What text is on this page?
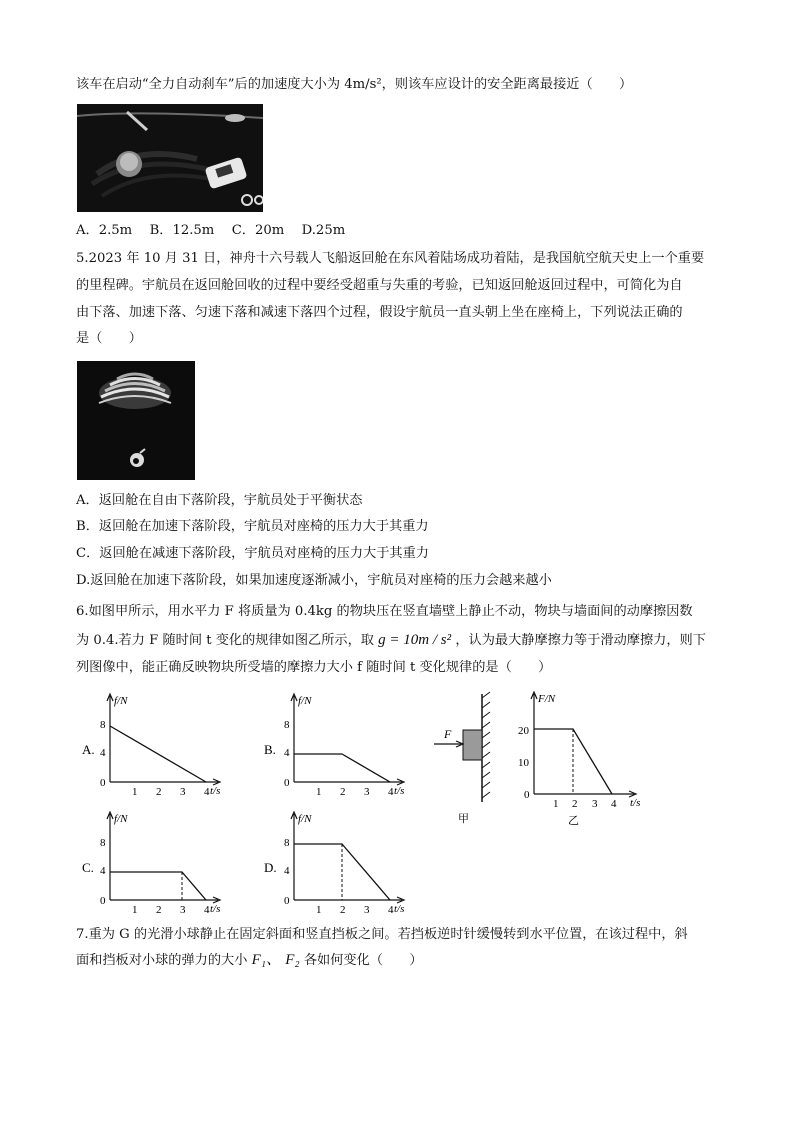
该车在启动“全力自动刹车”后的加速度大小为 4m/s²，则该车应设计的安全距离最接近（　　）
A．2.5m　 B．12.5m　 C．20m　 D.25m
5.2023 年 10 月 31 日，神舟十六号载人飞船返回舱在东风着陆场成功着陆，是我国航空航天史上一个重要
的里程碑。宇航员在返回舱回收的过程中要经受超重与失重的考验，已知返回舱返回过程中，可简化为自
由下落、加速下落、匀速下落和减速下落四个过程，假设宇航员一直头朝上坐在座椅上，下列说法正确的
是（　　）
A．返回舱在自由下落阶段，宇航员处于平衡状态
B．返回舱在加速下落阶段，宇航员对座椅的压力大于其重力
C．返回舱在减速下落阶段，宇航员对座椅的压力大于其重力
D.返回舱在加速下落阶段，如果加速度逐渐减小，宇航员对座椅的压力会越来越小
6.如图甲所示，用水平力 F 将质量为 0.4kg 的物块压在竖直墙壁上静止不动，物块与墙面间的动摩擦因数
为 0.4.若力 F 随时间 t 变化的规律如图乙所示，取 g = 10m / s² ，认为最大静摩擦力等于滑动摩擦力，则下
列图像中，能正确反映物块所受墙的摩擦力大小 f 随时间 t 变化规律的是（　　）
A.
f/N
t/s
0
4
8
1 2 3 4
B.
f/N
t/s
0
4
8
1 2 3 4
F
甲
F/N
t/s
0
10
20
1 2 3 4
乙
C.
f/N
t/s
0
4
8
1 2 3 4
D.
f/N
t/s
0
4
8
1 2 3 4
7.重为 G 的光滑小球静止在固定斜面和竖直挡板之间。若挡板逆时针缓慢转到水平位置，在该过程中，斜
面和挡板对小球的弹力的大小 F₁、 F₂ 各如何变化（　　）
